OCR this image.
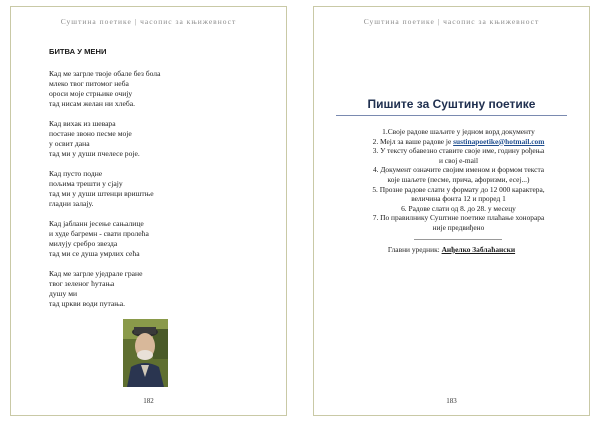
Суштина поетике | часопис за књижевност
БИТВА У МЕНИ
Кад ме загрле твоје обале без бола
млеко твог питомог неба
ороси моје стрњике очију
тад нисам желан ни хлеба.
Кад вихак из шевара
постане звоно песме моје
у освит дана
тад ми у души пчелесе роје.
Кад пусто подне
пољима трешти у сјају
тад ми у души штенци вриштње
гладни залају.
Кад јабланн јесење сањалице
и худе багремн - свати пролећа
милују сребро звезда
тад ми се душа умрлих сећа
Кад ме загрле уједрале гране
твог зеленог ћутања
душу ми
тад цркви води путања.
182
Суштина поетике | часопис за књижевност
Пишите за Суштину поетике
1.Своје радове шаљите у једном ворд документу
2. Мејл за ваше радове је sustinapoetike@hotmail.com
3. У тексту обавезно ставите своје име, годину рођења
и свој e-mail
4. Документ означите својим именом и формом текста
које шаљете (песме, прича, афоризми, есеј...)
5. Прозне радове слати у формату до 12 000 карактера,
величина фонта 12 и проред 1
6. Радове слати од 8. до 28. у месецу
7. По правилнику Суштине поетике плаћање хонорара
није предвиђено
Главни уредник: Анђелко Заблаћански
183
